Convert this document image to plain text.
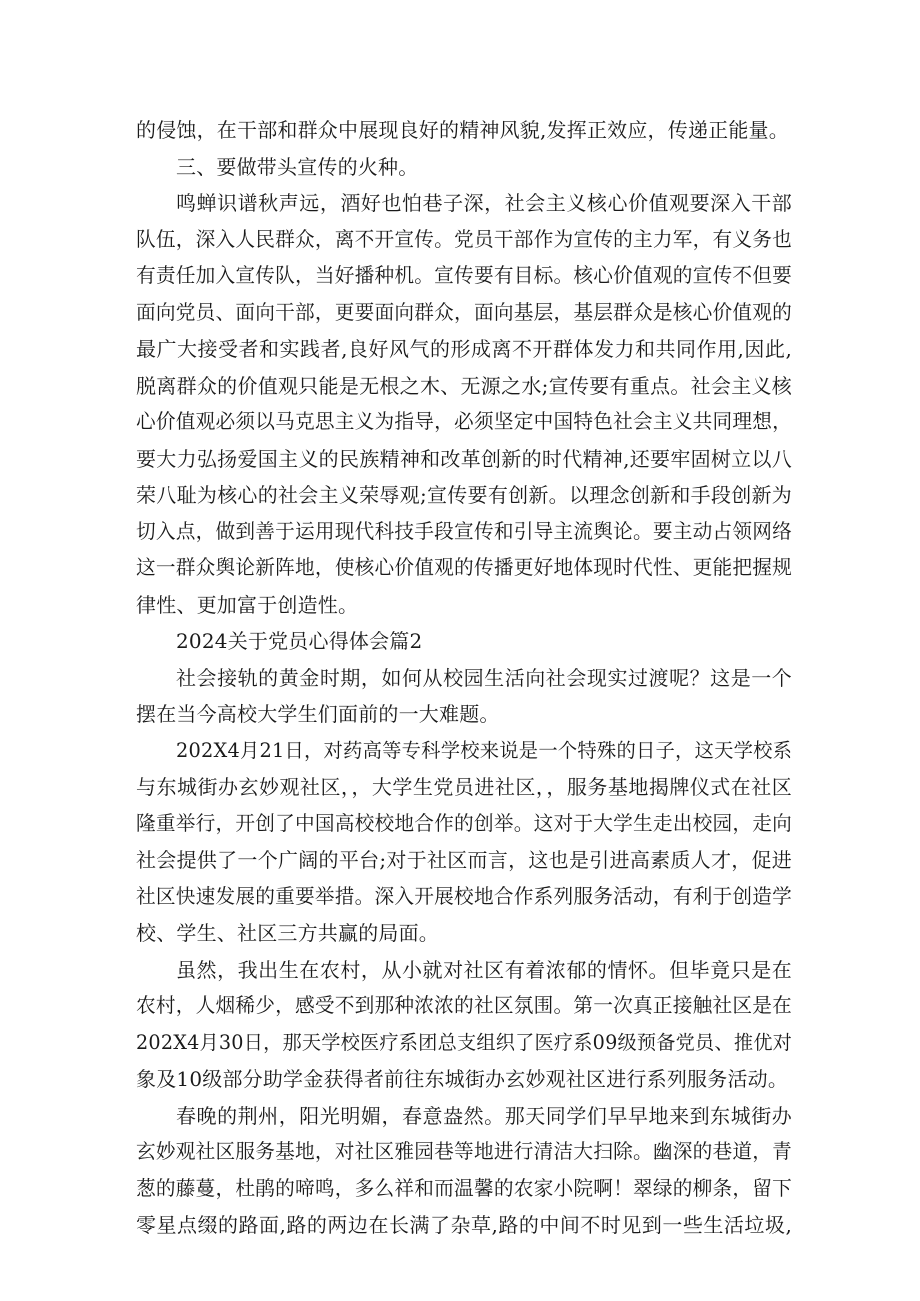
的侵蚀，在干部和群众中展现良好的精神风貌,发挥正效应，传递正能量。
三、要做带头宣传的火种。
鸣蝉识谱秋声远，酒好也怕巷子深，社会主义核心价值观要深入干部
队伍，深入人民群众，离不开宣传。党员干部作为宣传的主力军，有义务也
有责任加入宣传队，当好播种机。宣传要有目标。核心价值观的宣传不但要
面向党员、面向干部，更要面向群众，面向基层，基层群众是核心价值观的
最广大接受者和实践者,良好风气的形成离不开群体发力和共同作用,因此,
脱离群众的价值观只能是无根之木、无源之水;宣传要有重点。社会主义核
心价值观必须以马克思主义为指导，必须坚定中国特色社会主义共同理想，
要大力弘扬爱国主义的民族精神和改革创新的时代精神,还要牢固树立以八
荣八耻为核心的社会主义荣辱观;宣传要有创新。以理念创新和手段创新为
切入点，做到善于运用现代科技手段宣传和引导主流舆论。要主动占领网络
这一群众舆论新阵地，使核心价值观的传播更好地体现时代性、更能把握规
律性、更加富于创造性。
2024关于党员心得体会篇2
社会接轨的黄金时期，如何从校园生活向社会现实过渡呢？这是一个
摆在当今高校大学生们面前的一大难题。
202X4月21日，对药高等专科学校来说是一个特殊的日子，这天学校系
与东城街办玄妙观社区，，大学生党员进社区，，服务基地揭牌仪式在社区
隆重举行，开创了中国高校校地合作的创举。这对于大学生走出校园，走向
社会提供了一个广阔的平台;对于社区而言，这也是引进高素质人才，促进
社区快速发展的重要举措。深入开展校地合作系列服务活动，有利于创造学
校、学生、社区三方共赢的局面。
虽然，我出生在农村，从小就对社区有着浓郁的情怀。但毕竟只是在
农村，人烟稀少，感受不到那种浓浓的社区氛围。第一次真正接触社区是在
202X4月30日，那天学校医疗系团总支组织了医疗系09级预备党员、推优对
象及10级部分助学金获得者前往东城街办玄妙观社区进行系列服务活动。
春晚的荆州，阳光明媚，春意盎然。那天同学们早早地来到东城街办
玄妙观社区服务基地，对社区雅园巷等地进行清洁大扫除。幽深的巷道，青
葱的藤蔓，杜鹃的啼鸣，多么祥和而温馨的农家小院啊！翠绿的柳条，留下
零星点缀的路面,路的两边在长满了杂草,路的中间不时见到一些生活垃圾,
